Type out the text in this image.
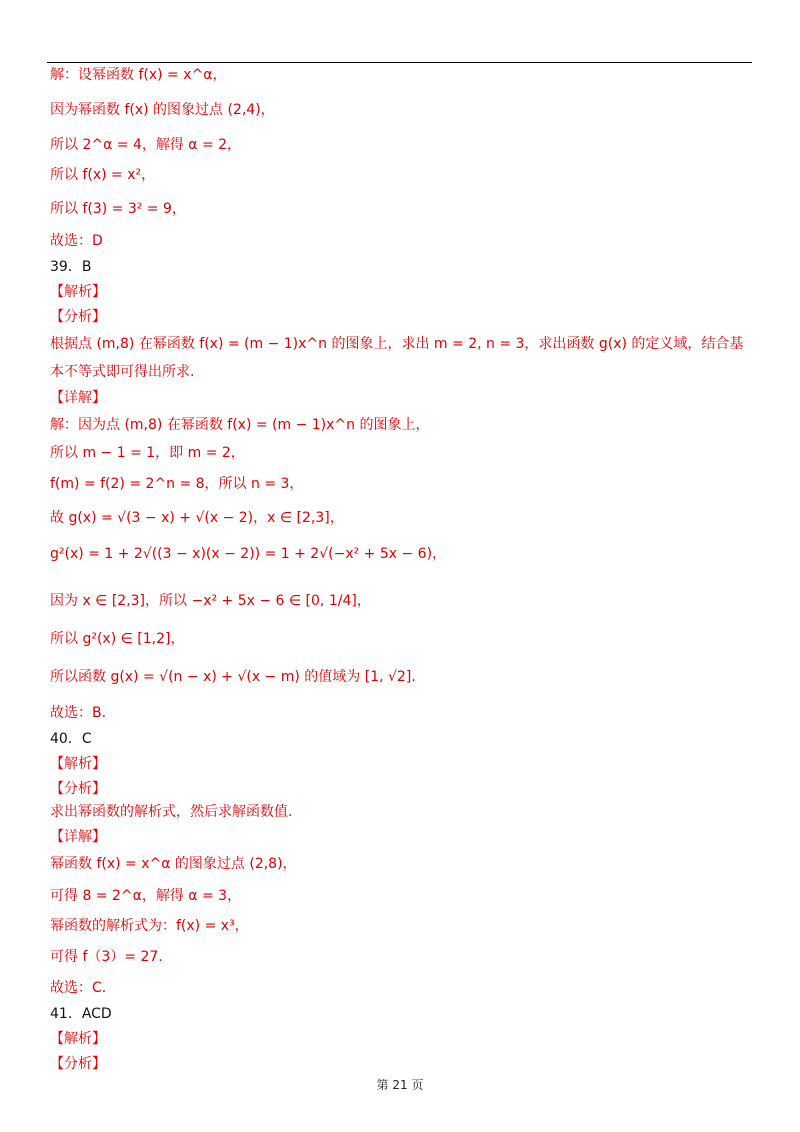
解：设幂函数 f(x) = x^α，
因为幂函数 f(x) 的图象过点 (2,4)，
所以 2^α = 4，解得 α = 2，
所以 f(x) = x²，
所以 f(3) = 3² = 9，
故选：D
39．B
【解析】
【分析】
根据点 (m,8) 在幂函数 f(x) = (m − 1)x^n 的图象上，求出 m = 2, n = 3，求出函数 g(x) 的定义域，结合基本不等式即可得出所求.
【详解】
解：因为点 (m,8) 在幂函数 f(x) = (m − 1)x^n 的图象上，
所以 m − 1 = 1，即 m = 2，
f(m) = f(2) = 2^n = 8，所以 n = 3，
故 g(x) = √(3 − x) + √(x − 2)，x ∈ [2,3]，
g²(x) = 1 + 2√((3 − x)(x − 2)) = 1 + 2√(−x² + 5x − 6)，
因为 x ∈ [2,3]，所以 −x² + 5x − 6 ∈ [0, 1/4]，
所以 g²(x) ∈ [1,2]，
所以函数 g(x) = √(n − x) + √(x − m) 的值域为 [1, √2].
故选：B.
40．C
【解析】
【分析】
求出幂函数的解析式，然后求解函数值.
【详解】
幂函数 f(x) = x^α 的图象过点 (2,8)，
可得 8 = 2^α，解得 α = 3，
幂函数的解析式为：f(x) = x³，
可得 f（3）= 27.
故选：C.
41．ACD
【解析】
【分析】
第 21 页
